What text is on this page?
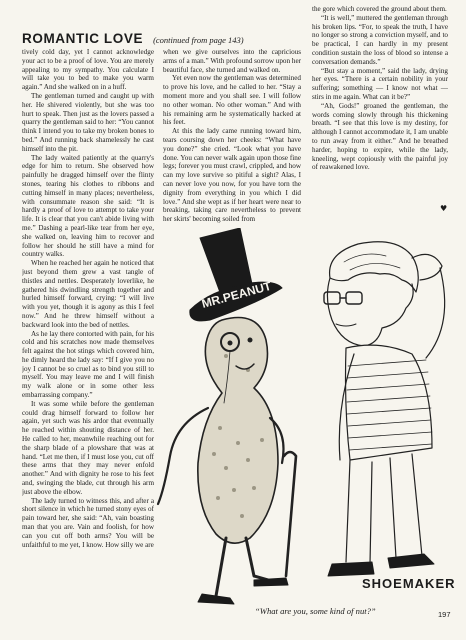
ROMANTIC LOVE (continued from page 143)

tively cold day, yet I cannot acknowledge your act to be a proof of love. You are merely appealing to my sympathy. You calculate I will take you to bed to make you warm again.” And she walked on in a huff.

The gentleman turned and caught up with her. He shivered violently, but she was too hurt to speak. Then just as the lovers passed a quarry the gentleman said to her: “You cannot think I intend you to take my broken bones to bed.” And running back shamelessly he cast himself into the pit.

The lady waited patiently at the quarry's edge for him to return. She observed how painfully he dragged himself over the flinty stones, tearing his clothes to ribbons and cutting himself in many places; nevertheless, with consummate reason she said: “It is hardly a proof of love to attempt to take your life. It is clear that you can't abide living with me.” Dashing a pearl-like tear from her eye, she walked on, leaving him to recover and follow her should he still have a mind for country walks.

When he reached her again he noticed that just beyond them grew a vast tangle of thistles and nettles. Desperately loverlike, he gathered his dwindling strength together and hurled himself forward, crying: “I will live with you yet, though it is agony as this I feel now.” And he threw himself without a backward look into the bed of nettles.

As he lay there contorted with pain, for his cold and his scratches now made themselves felt against the hot stings which covered him, he dimly heard the lady say: “If I give you no joy I cannot be so cruel as to bind you still to myself. You may leave me and I will finish my walk alone or in some other less embarrassing company.”

It was some while before the gentleman could drag himself forward to follow her again, yet such was his ardor that eventually he reached within shouting distance of her. He called to her, meanwhile reaching out for the sharp blade of a plowshare that was at hand. “Let me then, if I must lose you, cut off these arms that they may never enfold another.” And with dignity he rose to his feet and, swinging the blade, cut through his arm just above the elbow.

The lady turned to witness this, and after a short silence in which he turned stony eyes of pain toward her, she said: “Ah, vain boasting man that you are. Vain and foolish, for how can you cut off both arms? You will be unfaithful to me yet, I know. How silly we are

when we give ourselves into the capricious arms of a man.” With profound sorrow upon her beautiful face, she turned and walked on.

Yet even now the gentleman was determined to prove his love, and he called to her. “Stay a moment more and you shall see. I will follow no other woman. No other woman.” And with his remaining arm he systematically hacked at his feet.

At this the lady came running toward him, tears coursing down her cheeks: “What have you done?” she cried. “Look what you have done. You can never walk again upon those fine legs; forever you must crawl, crippled, and how can my love survive so pitiful a sight? Alas, I can never love you now, for you have torn the dignity from everything in you which I did love.” And she wept as if her heart were near to breaking, taking care nevertheless to prevent her skirts' becoming soiled from

the gore which covered the ground about them.

“It is well,” muttered the gentleman through his broken lips. “For, to speak the truth, I have no longer so strong a conviction myself, and to be practical, I can hardly in my present condition sustain the loss of blood so intense a conversation demands.”

“But stay a moment,” said the lady, drying her eyes. “There is a certain nobility in your suffering; something — I know not what — stirs in me again. What can it be?”

“Ah, Gods!” groaned the gentleman, the words coming slowly through his thickening breath. “I see that this love is my destiny, for although I cannot accommodate it, I am unable to run away from it either.” And he breathed harder, hoping to expire, while the lady, kneeling, wept copiously with the painful joy of reawakened love.

♥
MR.PEANUT
SHOEMAKER
“What are you, some kind of nut?”	197
